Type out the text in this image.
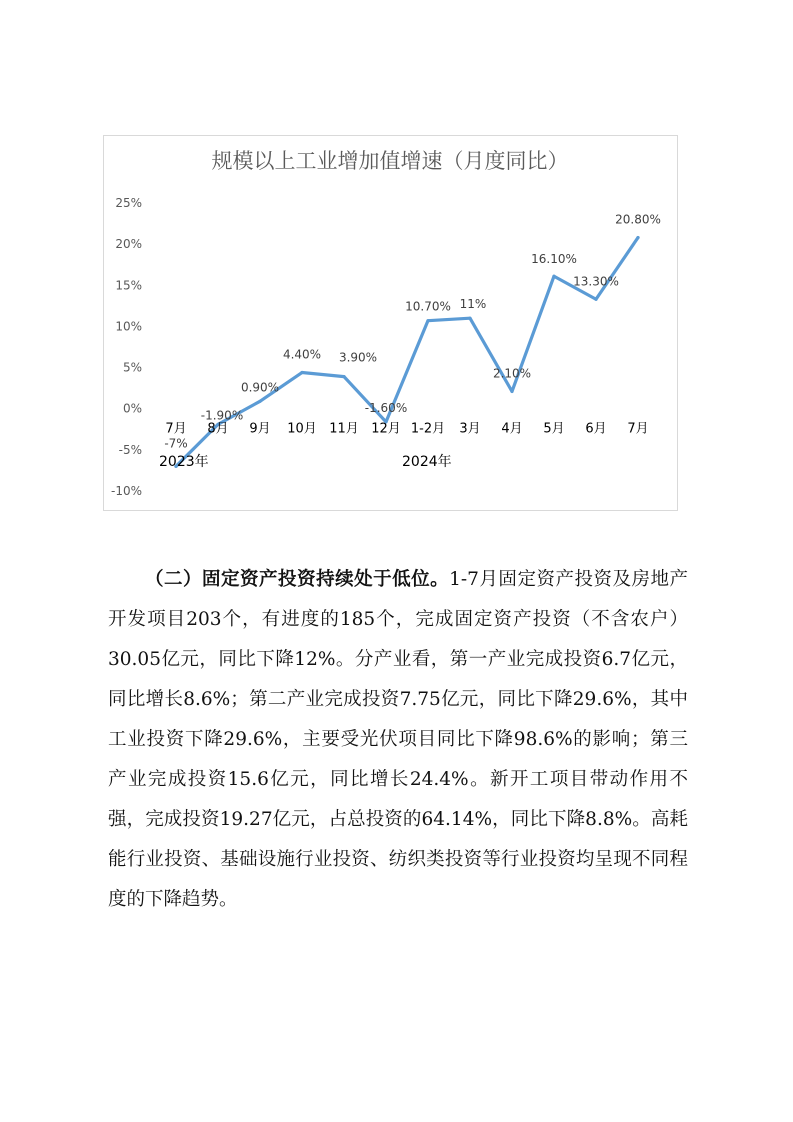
规模以上工业增加值增速（月度同比）
25%
20%
15%
10%
5%
0%
-5%
-10%
7月 8月 9月 10月 11月 12月 1-2月 3月 4月 5月 6月 7月
-7%
-1.90%
0.90%
4.40% 3.90%
-1.60%
10.70% 11%
2.10%
16.10%
13.30%
20.80%
2023年	2024年

（二）固定资产投资持续处于低位。1-7月固定资产投资及房地产开发项目203个，有进度的185个，完成固定资产投资（不含农户）30.05亿元，同比下降12%。分产业看，第一产业完成投资6.7亿元，同比增长8.6%；第二产业完成投资7.75亿元，同比下降29.6%，其中工业投资下降29.6%，主要受光伏项目同比下降98.6%的影响；第三产业完成投资15.6亿元，同比增长24.4%。新开工项目带动作用不强，完成投资19.27亿元，占总投资的64.14%，同比下降8.8%。高耗能行业投资、基础设施行业投资、纺织类投资等行业投资均呈现不同程度的下降趋势。
